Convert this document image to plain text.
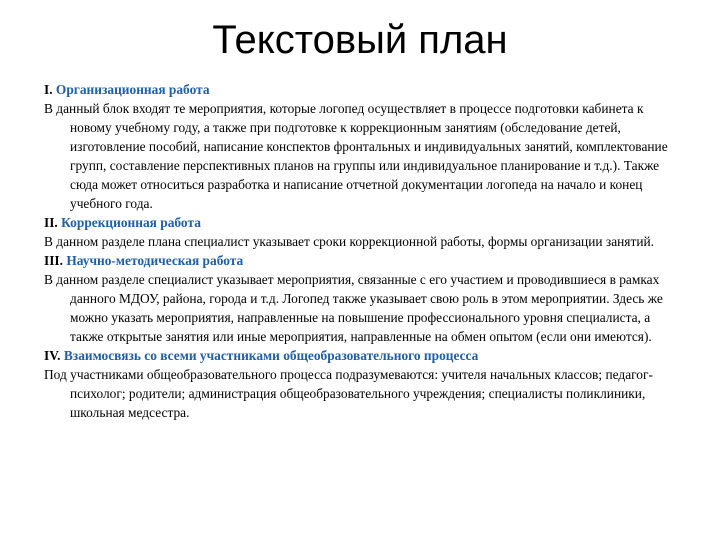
Текстовый план

I. Организационная работа

В данный блок входят те мероприятия, которые логопед осуществляет в процессе подготовки кабинета к новому учебному году, а также при подготовке к коррекционным занятиям (обследование детей, изготовление пособий, написание конспектов фронтальных и индивидуальных занятий, комплектование групп, составление перспективных планов на группы или индивидуальное планирование и т.д.). Также сюда может относиться разработка и написание отчетной документации логопеда на начало и конец учебного года.

II. Коррекционная работа

В данном разделе плана специалист указывает сроки коррекционной работы, формы организации занятий.

III. Научно-методическая работа

В данном разделе специалист указывает мероприятия, связанные с его участием и проводившиеся в рамках данного МДОУ, района, города и т.д. Логопед также указывает свою роль в этом мероприятии. Здесь же можно указать мероприятия, направленные на повышение профессионального уровня специалиста, а также открытые занятия или иные мероприятия, направленные на обмен опытом (если они имеются).

IV. Взаимосвязь со всеми участниками общеобразовательного процесса

Под участниками общеобразовательного процесса подразумеваются: учителя начальных классов; педагог-психолог; родители; администрация общеобразовательного учреждения; специалисты поликлиники, школьная медсестра.
